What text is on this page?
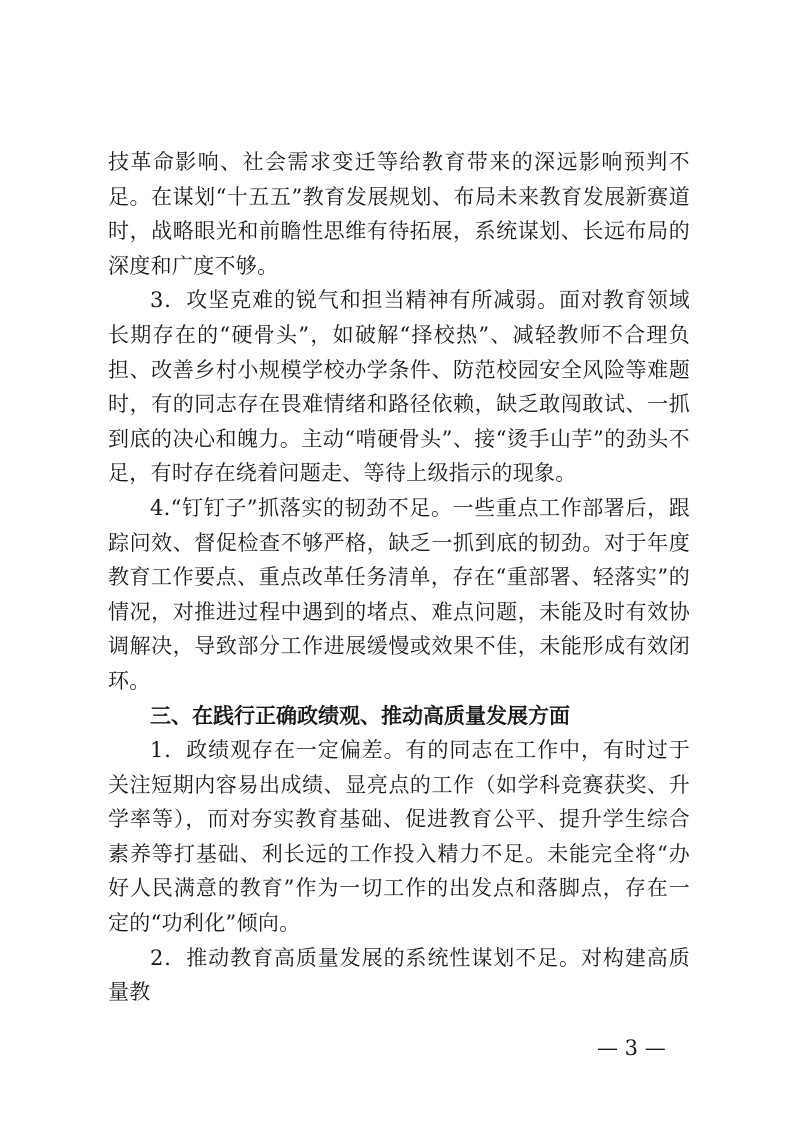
技革命影响、社会需求变迁等给教育带来的深远影响预判不足。在谋划“十五五”教育发展规划、布局未来教育发展新赛道时，战略眼光和前瞻性思维有待拓展，系统谋划、长远布局的深度和广度不够。

3．攻坚克难的锐气和担当精神有所减弱。面对教育领域长期存在的“硬骨头”，如破解“择校热”、减轻教师不合理负担、改善乡村小规模学校办学条件、防范校园安全风险等难题时，有的同志存在畏难情绪和路径依赖，缺乏敢闯敢试、一抓到底的决心和魄力。主动“啃硬骨头”、接“烫手山芋”的劲头不足，有时存在绕着问题走、等待上级指示的现象。

4.“钉钉子”抓落实的韧劲不足。一些重点工作部署后，跟踪问效、督促检查不够严格，缺乏一抓到底的韧劲。对于年度教育工作要点、重点改革任务清单，存在“重部署、轻落实”的情况，对推进过程中遇到的堵点、难点问题，未能及时有效协调解决，导致部分工作进展缓慢或效果不佳，未能形成有效闭环。

三、在践行正确政绩观、推动高质量发展方面

1．政绩观存在一定偏差。有的同志在工作中，有时过于关注短期内容易出成绩、显亮点的工作（如学科竞赛获奖、升学率等），而对夯实教育基础、促进教育公平、提升学生综合素养等打基础、利长远的工作投入精力不足。未能完全将“办好人民满意的教育”作为一切工作的出发点和落脚点，存在一定的“功利化”倾向。

2．推动教育高质量发展的系统性谋划不足。对构建高质量教

— 3 —
